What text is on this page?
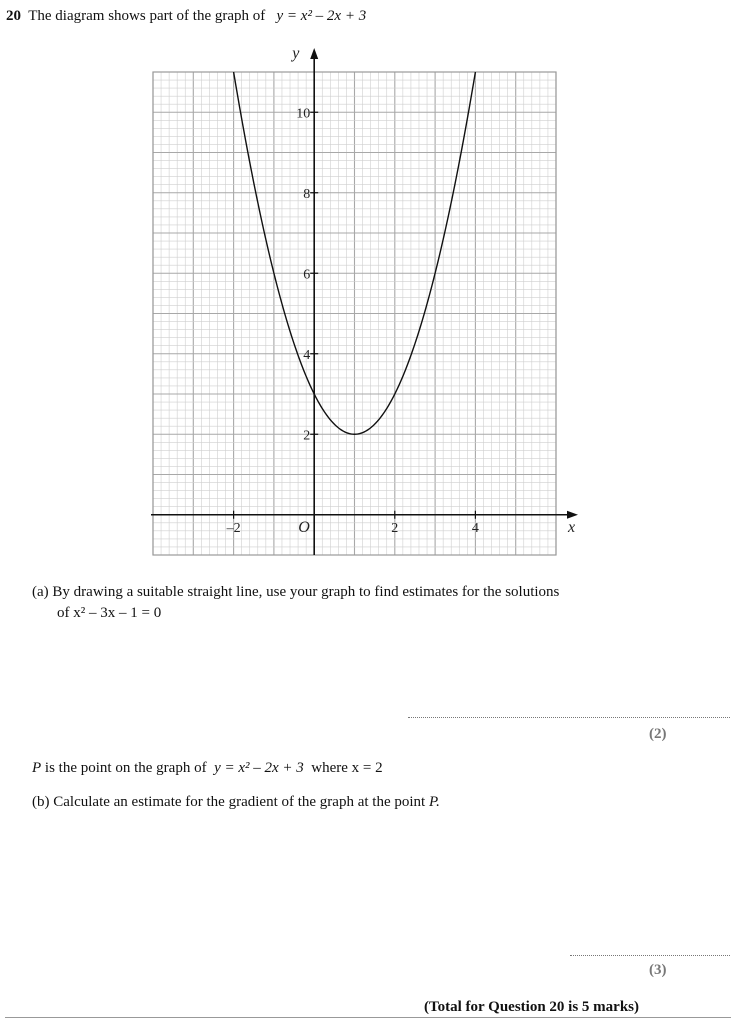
20 The diagram shows part of the graph of y = x² – 2x + 3
x
y
O
–2	2	4
2
4
6
8
10
(a) By drawing a suitable straight line, use your graph to find estimates for the solutions
of x² – 3x – 1 = 0
(2)
P is the point on the graph of y = x² – 2x + 3 where x = 2
(b) Calculate an estimate for the gradient of the graph at the point P.
(3)
(Total for Question 20 is 5 marks)
